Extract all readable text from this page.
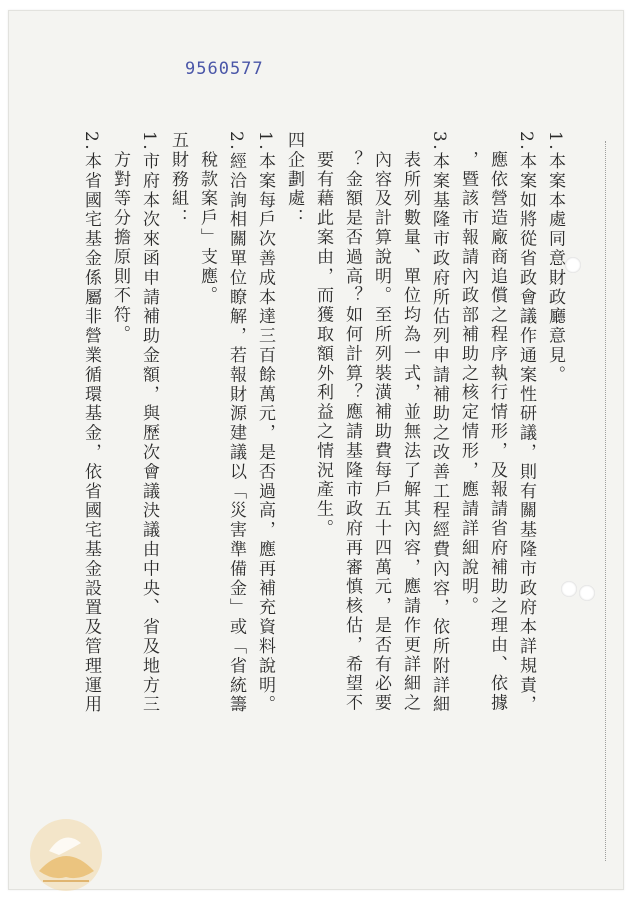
9560577
1.本案本處同意財政廳意見。
2.本案如將從省政會議作通案性研議，則有關基隆市政府本詳規責，
　應依營造廠商追償之程序執行情形，及報請省府補助之理由、依據
　，暨該市報請內政部補助之核定情形，應請詳細說明。
3.本案基隆市政府所估列申請補助之改善工程經費內容，依所附詳細
　表所列數量、單位均為一式，並無法了解其內容，應請作更詳細之
　內容及計算說明。至所列裝潢補助費每戶五十四萬元，是否有必要
　？金額是否過高？如何計算？應請基隆市政府再審慎核估，希望不
　要有藉此案由，而獲取額外利益之情況產生。
四企劃處：
1.本案每戶次善成本達三百餘萬元，是否過高，應再補充資料說明。
2.經洽詢相關單位瞭解，若報財源建議以「災害準備金」或「省統籌
　稅款案戶」支應。
五財務組：
1.市府本次來函申請補助金額，與歷次會議決議由中央、省及地方三
　方對等分擔原則不符。
2.本省國宅基金係屬非營業循環基金，依省國宅基金設置及管理運用
